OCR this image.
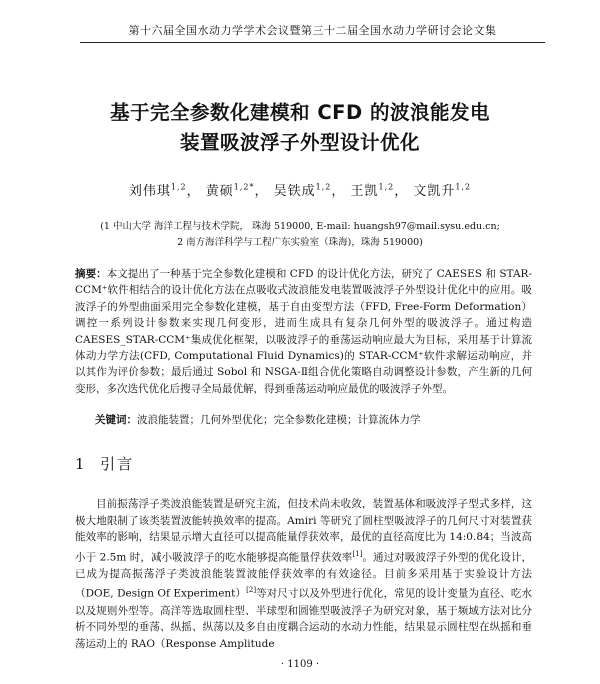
第十六届全国水动力学学术会议暨第三十二届全国水动力学研讨会论文集
基于完全参数化建模和 CFD 的波浪能发电
装置吸波浮子外型设计优化
刘伟琪$^{1,2}$， 黄硕$^{1,2*}$， 吴铁成$^{1,2}$， 王凯$^{1,2}$， 文凯升$^{1,2}$
(1 中山大学 海洋工程与技术学院， 珠海 519000, E-mail: huangsh97@mail.sysu.edu.cn;
2 南方海洋科学与工程广东实验室（珠海)，珠海 519000)
摘要：本文提出了一种基于完全参数化建模和 CFD 的设计优化方法，研究了 CAESES 和 STAR-CCM⁺软件相结合的设计优化方法在点吸收式波浪能发电装置吸波浮子外型设计优化中的应用。吸波浮子的外型曲面采用完全参数化建模，基于自由变型方法（FFD, Free-Form Deformation）调控一系列设计参数来实现几何变形，进而生成具有复杂几何外型的吸波浮子。通过构造 CAESES_STAR-CCM⁺集成优化框架，以吸波浮子的垂荡运动响应最大为目标，采用基于计算流体动力学方法(CFD, Computational Fluid Dynamics)的 STAR-CCM⁺软件求解运动响应，并以其作为评价参数；最后通过 Sobol 和 NSGA-Ⅱ组合优化策略自动调整设计参数，产生新的几何变形，多次迭代优化后搜寻全局最优解，得到垂荡运动响应最优的吸波浮子外型。
关键词：波浪能装置；几何外型优化；完全参数化建模；计算流体力学
1 引言

目前振荡浮子类波浪能装置是研究主流，但技术尚未收敛，装置基体和吸波浮子型式多样，这极大地限制了该类装置波能转换效率的提高。Amiri 等研究了圆柱型吸波浮子的几何尺寸对装置获能效率的影响，结果显示增大直径可以提高能量俘获效率，最优的直径高度比为 14:0.84；当波高小于 2.5m 时，减小吸波浮子的吃水能够提高能量俘获效率[1]。通过对吸波浮子外型的优化设计，已成为提高振荡浮子类波浪能装置波能俘获效率的有效途径。目前多采用基于实验设计方法（DOE, Design Of Experiment）[2]等对尺寸以及外型进行优化，常见的设计变量为直径、吃水以及规则外型等。高洋等选取圆柱型、半球型和圆锥型吸波浮子为研究对象，基于频域方法对比分析不同外型的垂荡、纵摇、纵荡以及多自由度耦合运动的水动力性能，结果显示圆柱型在纵摇和垂荡运动上的 RAO（Response Amplitude

· 1109 ·
